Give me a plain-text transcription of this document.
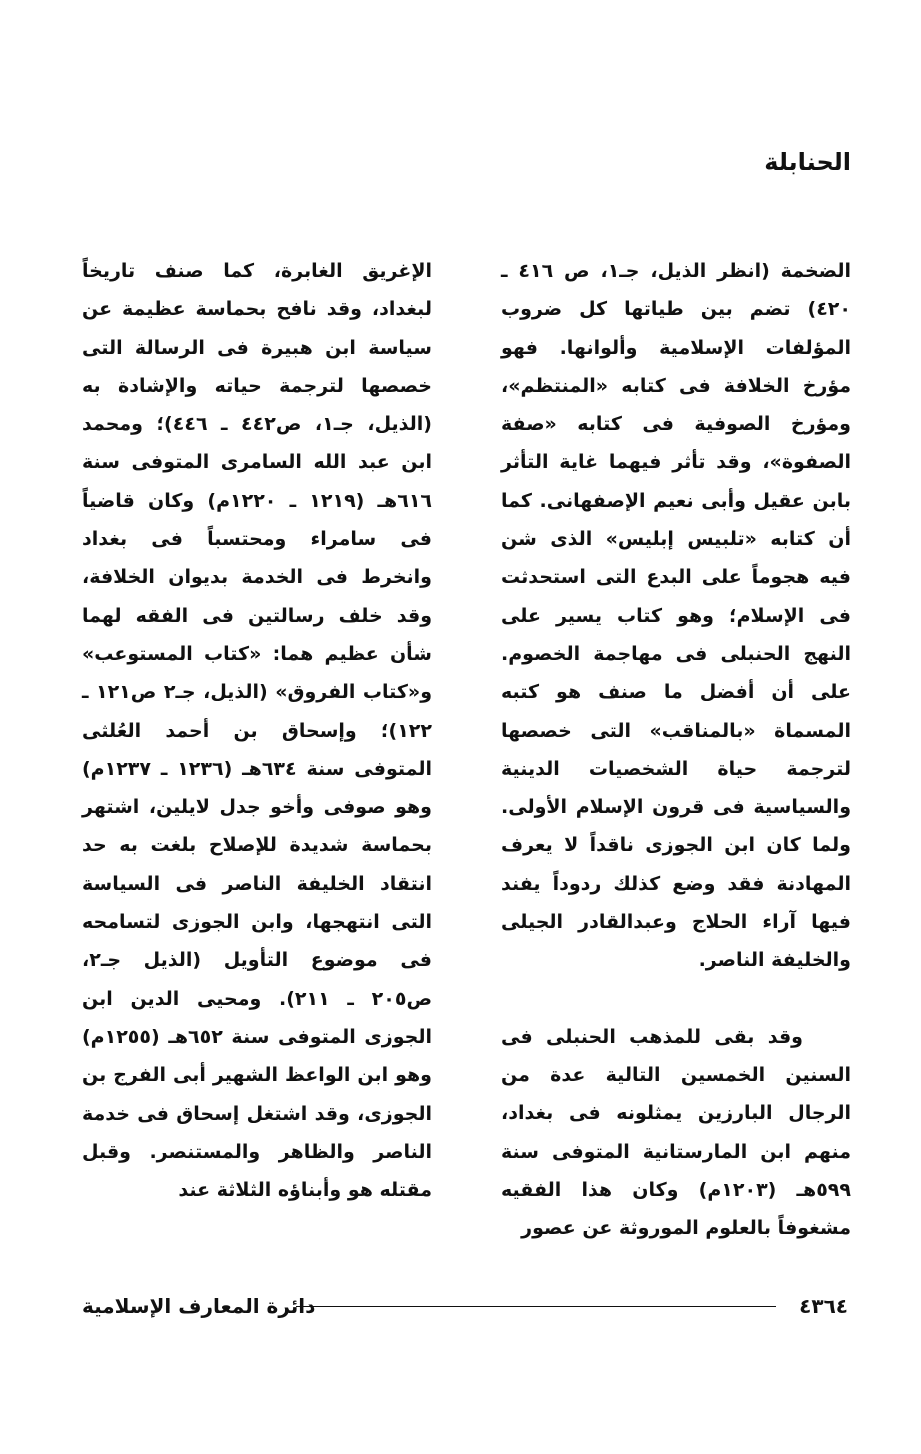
الحنابلة

الضخمة (انظر الذيل، جـ١، ص ٤١٦ ـ ٤٢٠) تضم بين طياتها كل ضروب المؤلفات الإسلامية وألوانها. فهو مؤرخ الخلافة فى كتابه «المنتظم»، ومؤرخ الصوفية فى كتابه «صفة الصفوة»، وقد تأثر فيهما غاية التأثر بابن عقيل وأبى نعيم الإصفهانى. كما أن كتابه «تلبيس إبليس» الذى شن فيه هجوماً على البدع التى استحدثت فى الإسلام؛ وهو كتاب يسير على النهج الحنبلى فى مهاجمة الخصوم. على أن أفضل ما صنف هو كتبه المسماة «بالمناقب» التى خصصها لترجمة حياة الشخصيات الدينية والسياسية فى قرون الإسلام الأولى. ولما كان ابن الجوزى ناقداً لا يعرف المهادنة فقد وضع كذلك ردوداً يفند فيها آراء الحلاج وعبدالقادر الجيلى والخليفة الناصر.

وقد بقى للمذهب الحنبلى فى السنين الخمسين التالية عدة من الرجال البارزين يمثلونه فى بغداد، منهم ابن المارستانية المتوفى سنة ٥٩٩هـ (١٢٠٣م) وكان هذا الفقيه مشغوفاً بالعلوم الموروثة عن عصور

الإغريق الغابرة، كما صنف تاريخاً لبغداد، وقد نافح بحماسة عظيمة عن سياسة ابن هبيرة فى الرسالة التى خصصها لترجمة حياته والإشادة به (الذيل، جـ١، ص٤٤٢ ـ ٤٤٦)؛ ومحمد ابن عبد الله السامرى المتوفى سنة ٦١٦هـ (١٢١٩ ـ ١٢٢٠م) وكان قاضياً فى سامراء ومحتسباً فى بغداد وانخرط فى الخدمة بديوان الخلافة، وقد خلف رسالتين فى الفقه لهما شأن عظيم هما: «كتاب المستوعب» و«كتاب الفروق» (الذيل، جـ٢ ص١٢١ ـ ١٢٢)؛ وإسحاق بن أحمد العُلثى المتوفى سنة ٦٣٤هـ (١٢٣٦ ـ ١٢٣٧م) وهو صوفى وأخو جدل لايلين، اشتهر بحماسة شديدة للإصلاح بلغت به حد انتقاد الخليفة الناصر فى السياسة التى انتهجها، وابن الجوزى لتسامحه فى موضوع التأويل (الذيل جـ٢، ص٢٠٥ ـ ٢١١). ومحيى الدين ابن الجوزى المتوفى سنة ٦٥٢هـ (١٢٥٥م) وهو ابن الواعظ الشهير أبى الفرج بن الجوزى، وقد اشتغل إسحاق فى خدمة الناصر والظاهر والمستنصر. وقبل مقتله هو وأبناؤه الثلاثة عند

٤٣٦٤
دائرة المعارف الإسلامية
